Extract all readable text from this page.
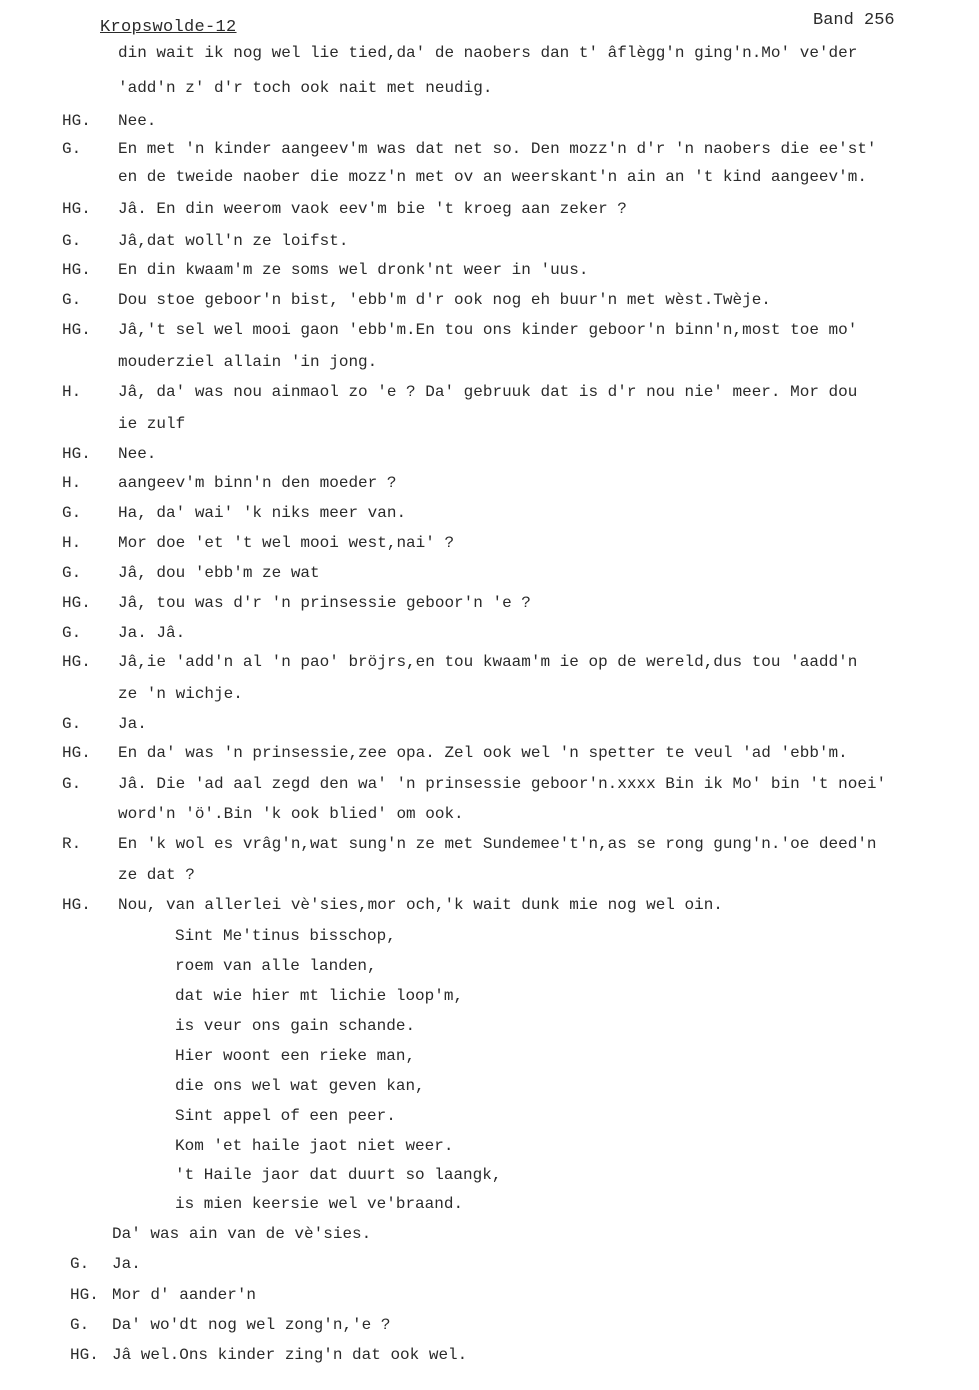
Kropswolde-12	Band 256
din wait ik nog wel lie tied,da' de naobers dan t' âflègg'n ging'n.Mo' ve'der
'add'n z' d'r toch ook nait met neudig.
HG.	Nee.
G.	En met 'n kinder aangeev'm was dat net so. Den mozz'n d'r 'n naobers die ee'st'
en de tweide naober die mozz'n met ov an weerskant'n ain an 't kind aangeev'm.
HG.	Jâ. En din weerom vaok eev'm bie 't kroeg aan zeker ?
G.	Jâ,dat woll'n ze loifst.
HG.	En din kwaam'm ze soms wel dronk'nt weer in 'uus.
G.	Dou stoe geboor'n bist, 'ebb'm d'r ook nog eh buur'n met wèst.Twèje.
HG.	Jâ,'t sel wel mooi gaon 'ebb'm.En tou ons kinder geboor'n binn'n,most toe mo'
mouderziel allain 'in jong.
H.	Jâ, da' was nou ainmaol zo 'e ? Da' gebruuk dat is d'r nou nie' meer. Mor dou
ie zulf
HG.	Nee.
H.	aangeev'm binn'n den moeder ?
G.	Ha, da' wai' 'k niks meer van.
H.	Mor doe 'et 't wel mooi west,nai' ?
G.	Jâ, dou 'ebb'm ze wat
HG.	Jâ, tou was d'r 'n prinsessie geboor'n 'e ?
G.	Ja. Jâ.
HG.	Jâ,ie 'add'n al 'n pao' bröjrs,en tou kwaam'm ie op de wereld,dus tou 'aadd'n
ze 'n wichje.
G.	Ja.
HG.	En da' was 'n prinsessie,zee opa. Zel ook wel 'n spetter te veul 'ad 'ebb'm.
G.	Jâ. Die 'ad aal zegd den wa' 'n prinsessie geboor'n.xxxx Bin ik Mo' bin 't noei'
word'n 'ö'.Bin 'k ook blied' om ook.
R.	En 'k wol es vrâg'n,wat sung'n ze met Sundemee't'n,as se rong gung'n.'oe deed'n
ze dat ?
HG.	Nou, van allerlei vè'sies,mor och,'k wait dunk mie nog wel oin.
Sint Me'tinus bisschop,
roem van alle landen,
dat wie hier mt lichie loop'm,
is veur ons gain schande.
Hier woont een rieke man,
die ons wel wat geven kan,
Sint appel of een peer.
Kom 'et haile jaot niet weer.
't Haile jaor dat duurt so laangk,
is mien keersie wel ve'braand.
Da' was ain van de vè'sies.
G.	Ja.
HG. Mor d' aander'n
G.	Da' wo'dt nog wel zong'n,'e ?
HG. Jâ wel.Ons kinder zing'n dat ook wel.
